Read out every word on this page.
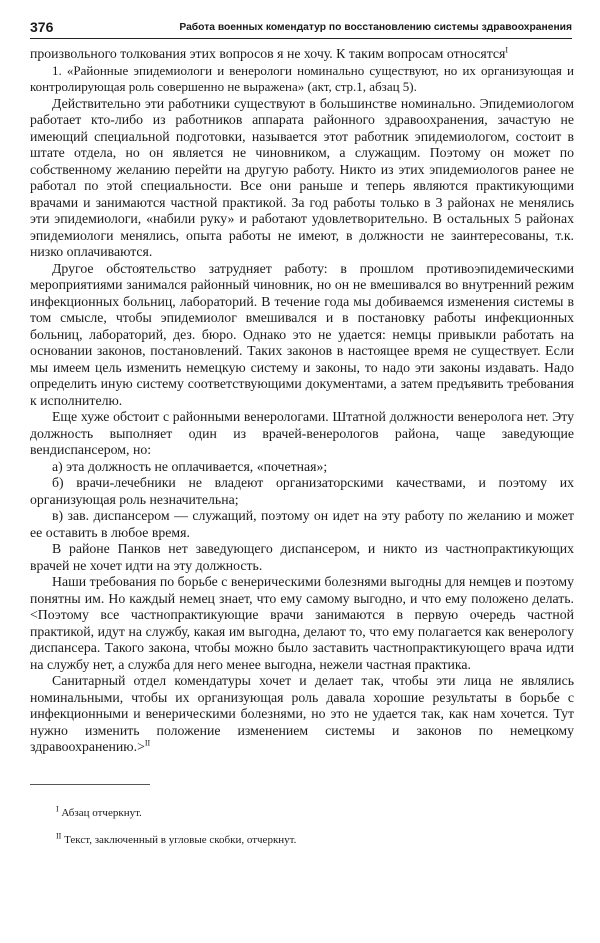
376	Работа военных комендатур по восстановлению системы здравоохранения

произвольного толкования этих вопросов я не хочу. К таким вопросам относятся$^I$

1. «Районные эпидемиологи и венерологи номинально существуют, но их организующая и контролирующая роль совершенно не выражена» (акт, стр.1, абзац 5).

Действительно эти работники существуют в большинстве номинально. Эпидемиологом работает кто-либо из работников аппарата районного здравоохранения, зачастую не имеющий специальной подготовки, называется этот работник эпидемиологом, состоит в штате отдела, но он является не чиновником, а служащим. Поэтому он может по собственному желанию перейти на другую работу. Никто из этих эпидемиологов ранее не работал по этой специальности. Все они раньше и теперь являются практикующими врачами и занимаются частной практикой. За год работы только в 3 районах не менялись эти эпидемиологи, «набили руку» и работают удовлетворительно. В остальных 5 районах эпидемиологи менялись, опыта работы не имеют, в должности не заинтересованы, т.к. низко оплачиваются.

Другое обстоятельство затрудняет работу: в прошлом противоэпидемическими мероприятиями занимался районный чиновник, но он не вмешивался во внутренний режим инфекционных больниц, лабораторий. В течение года мы добиваемся изменения системы в том смысле, чтобы эпидемиолог вмешивался и в постановку работы инфекционных больниц, лабораторий, дез. бюро. Однако это не удается: немцы привыкли работать на основании законов, постановлений. Таких законов в настоящее время не существует. Если мы имеем цель изменить немецкую систему и законы, то надо эти законы издавать. Надо определить иную систему соответствующими документами, а затем предъявить требования к исполнителю.

Еще хуже обстоит с районными венерологами. Штатной должности венеролога нет. Эту должность выполняет один из врачей-венерологов района, чаще заведующие вендиспансером, но:

а) эта должность не оплачивается, «почетная»;

б) врачи-лечебники не владеют организаторскими качествами, и поэтому их организующая роль незначительна;

в) зав. диспансером — служащий, поэтому он идет на эту работу по желанию и может ее оставить в любое время.

В районе Панков нет заведующего диспансером, и никто из частнопрактикующих врачей не хочет идти на эту должность.

Наши требования по борьбе с венерическими болезнями выгодны для немцев и поэтому понятны им. Но каждый немец знает, что ему самому выгодно, и что ему положено делать. <Поэтому все частнопрактикующие врачи занимаются в первую очередь частной практикой, идут на службу, какая им выгодна, делают то, что ему полагается как венерологу диспансера. Такого закона, чтобы можно было заставить частнопрактикующего врача идти на службу нет, а служба для него менее выгодна, нежели частная практика.

Санитарный отдел комендатуры хочет и делает так, чтобы эти лица не являлись номинальными, чтобы их организующая роль давала хорошие результаты в борьбе с инфекционными и венерическими болезнями, но это не удается так, как нам хочется. Тут нужно изменить положение изменением системы и законов по немецкому здравоохранению.>$^{II}$

$^I$ Абзац отчеркнут.

$^{II}$ Текст, заключенный в угловые скобки, отчеркнут.
